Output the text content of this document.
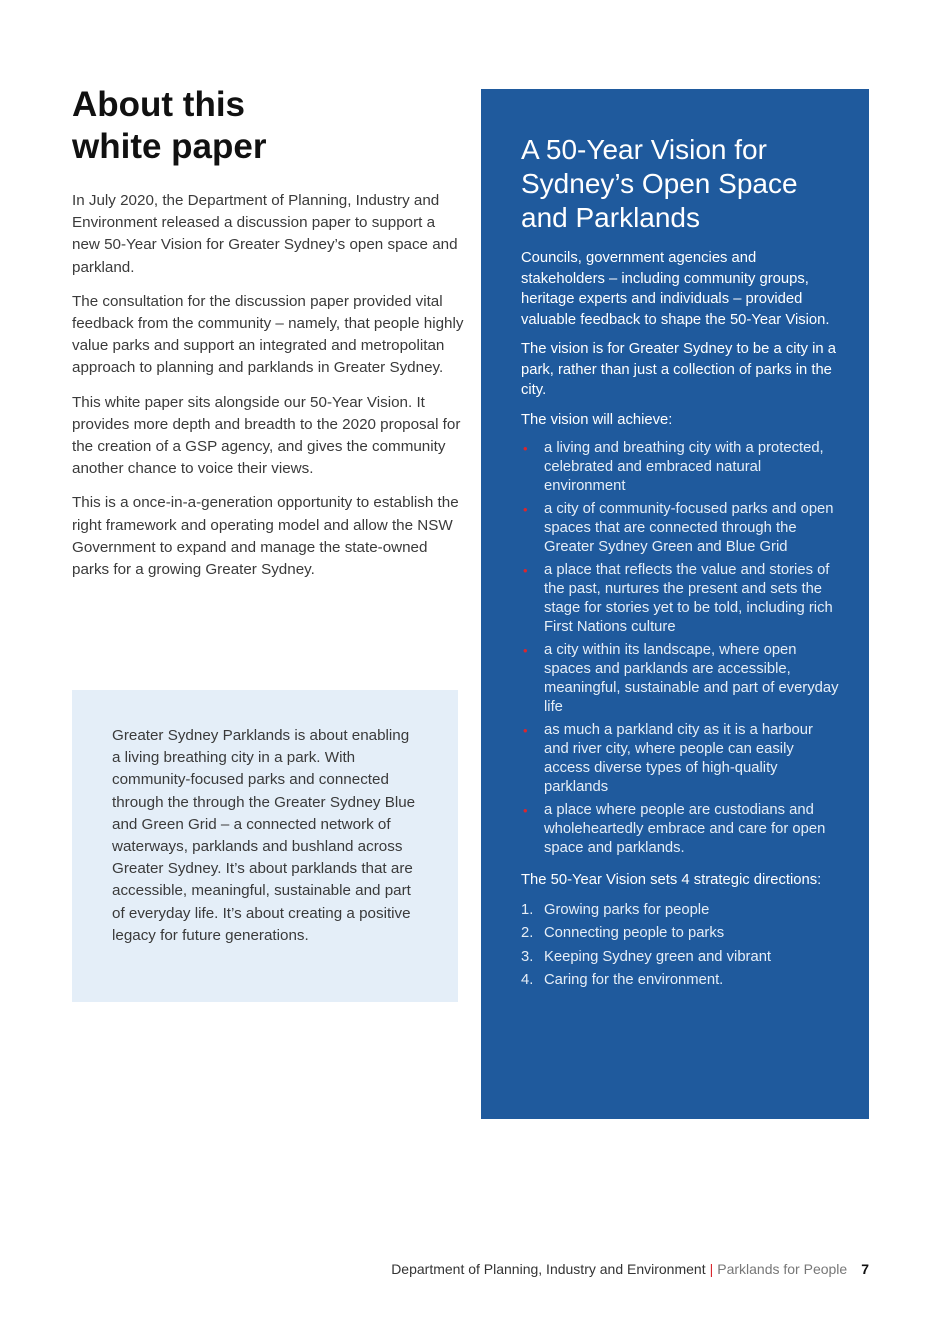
About this
white paper

In July 2020, the Department of Planning, Industry and Environment released a discussion paper to support a new 50-Year Vision for Greater Sydney’s open space and parkland.

The consultation for the discussion paper provided vital feedback from the community – namely, that people highly value parks and support an integrated and metropolitan approach to planning and parklands in Greater Sydney.

This white paper sits alongside our 50-Year Vision. It provides more depth and breadth to the 2020 proposal for the creation of a GSP agency, and gives the community another chance to voice their views.

This is a once-in-a-generation opportunity to establish the right framework and operating model and allow the NSW Government to expand and manage the state-owned parks for a growing Greater Sydney.

Greater Sydney Parklands is about enabling a living breathing city in a park. With community-focused parks and connected through the through the Greater Sydney Blue and Green Grid – a connected network of waterways, parklands and bushland across Greater Sydney. It’s about parklands that are accessible, meaningful, sustainable and part of everyday life. It’s about creating a positive legacy for future generations.

A 50-Year Vision for Sydney’s Open Space and Parklands

Councils, government agencies and stakeholders – including community groups, heritage experts and individuals – provided valuable feedback to shape the 50-Year Vision.

The vision is for Greater Sydney to be a city in a park, rather than just a collection of parks in the city.

The vision will achieve:

• a living and breathing city with a protected, celebrated and embraced natural environment
• a city of community-focused parks and open spaces that are connected through the Greater Sydney Green and Blue Grid
• a place that reflects the value and stories of the past, nurtures the present and sets the stage for stories yet to be told, including rich First Nations culture
• a city within its landscape, where open spaces and parklands are accessible, meaningful, sustainable and part of everyday life
• as much a parkland city as it is a harbour and river city, where people can easily access diverse types of high-quality parklands
• a place where people are custodians and wholeheartedly embrace and care for open space and parklands.

The 50-Year Vision sets 4 strategic directions:

1. Growing parks for people
2. Connecting people to parks
3. Keeping Sydney green and vibrant
4. Caring for the environment.
Department of Planning, Industry and Environment | Parklands for People 7
